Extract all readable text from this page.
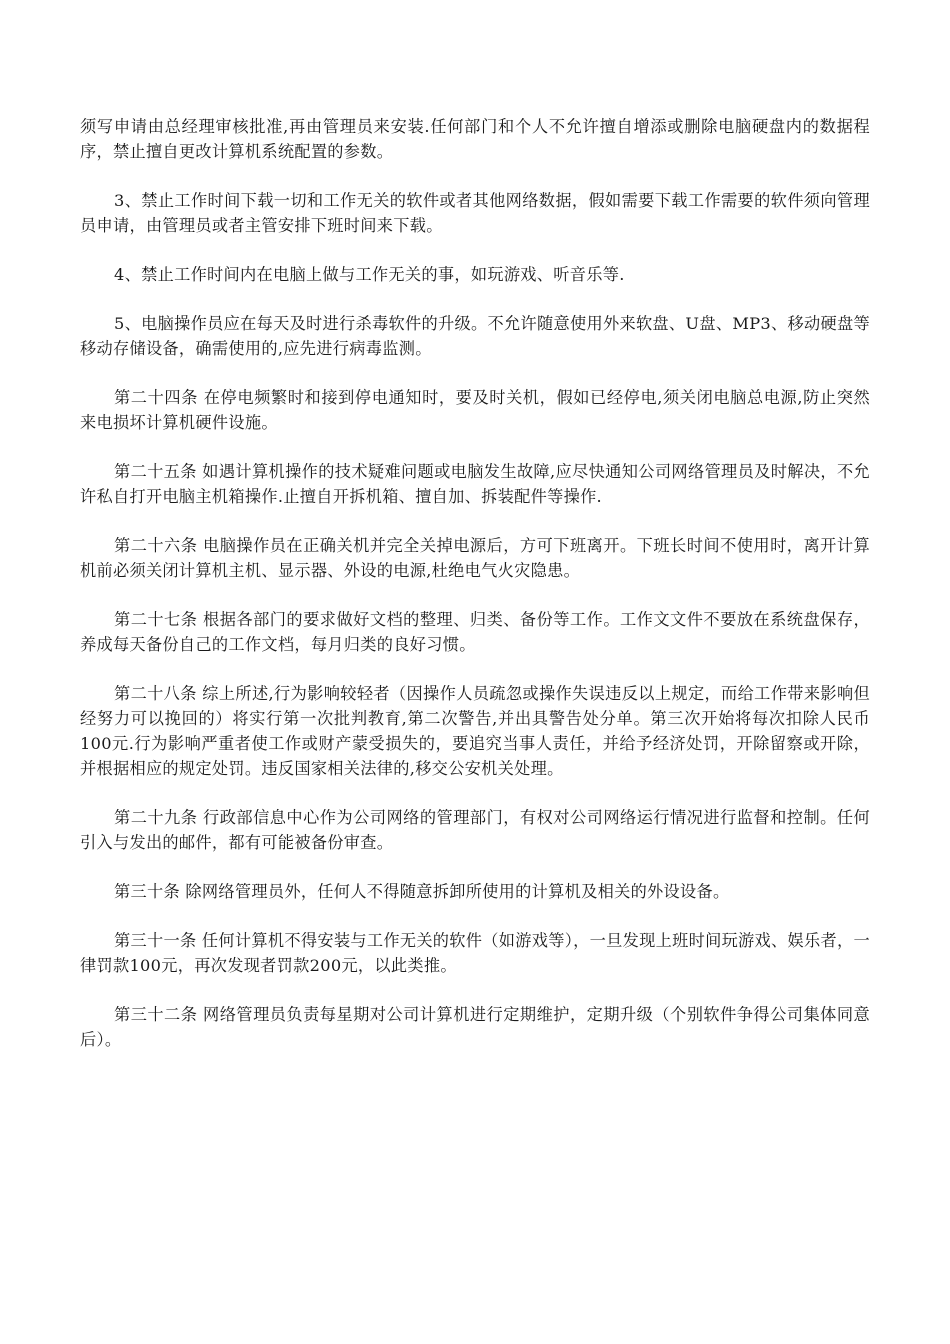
须写申请由总经理审核批准,再由管理员来安装.任何部门和个人不允许擅自增添或删除电脑硬盘内的数据程序，禁止擅自更改计算机系统配置的参数。

3、禁止工作时间下载一切和工作无关的软件或者其他网络数据，假如需要下载工作需要的软件须向管理员申请，由管理员或者主管安排下班时间来下载。

4、禁止工作时间内在电脑上做与工作无关的事，如玩游戏、听音乐等.

5、电脑操作员应在每天及时进行杀毒软件的升级。不允许随意使用外来软盘、U盘、MP3、移动硬盘等移动存储设备，确需使用的,应先进行病毒监测。

第二十四条 在停电频繁时和接到停电通知时，要及时关机，假如已经停电,须关闭电脑总电源,防止突然来电损坏计算机硬件设施。

第二十五条 如遇计算机操作的技术疑难问题或电脑发生故障,应尽快通知公司网络管理员及时解决，不允许私自打开电脑主机箱操作.止擅自开拆机箱、擅自加、拆装配件等操作.

第二十六条 电脑操作员在正确关机并完全关掉电源后，方可下班离开。下班长时间不使用时，离开计算机前必须关闭计算机主机、显示器、外设的电源,杜绝电气火灾隐患。

第二十七条 根据各部门的要求做好文档的整理、归类、备份等工作。工作文文件不要放在系统盘保存，养成每天备份自己的工作文档，每月归类的良好习惯。

第二十八条 综上所述,行为影响较轻者（因操作人员疏忽或操作失误违反以上规定，而给工作带来影响但经努力可以挽回的）将实行第一次批判教育,第二次警告,并出具警告处分单。第三次开始将每次扣除人民币100元.行为影响严重者使工作或财产蒙受损失的，要追究当事人责任，并给予经济处罚，开除留察或开除，并根据相应的规定处罚。违反国家相关法律的,移交公安机关处理。

第二十九条 行政部信息中心作为公司网络的管理部门，有权对公司网络运行情况进行监督和控制。任何引入与发出的邮件，都有可能被备份审查。

第三十条 除网络管理员外，任何人不得随意拆卸所使用的计算机及相关的外设设备。

第三十一条 任何计算机不得安装与工作无关的软件（如游戏等），一旦发现上班时间玩游戏、娱乐者，一律罚款100元，再次发现者罚款200元，以此类推。

第三十二条 网络管理员负责每星期对公司计算机进行定期维护，定期升级（个别软件争得公司集体同意后）。
